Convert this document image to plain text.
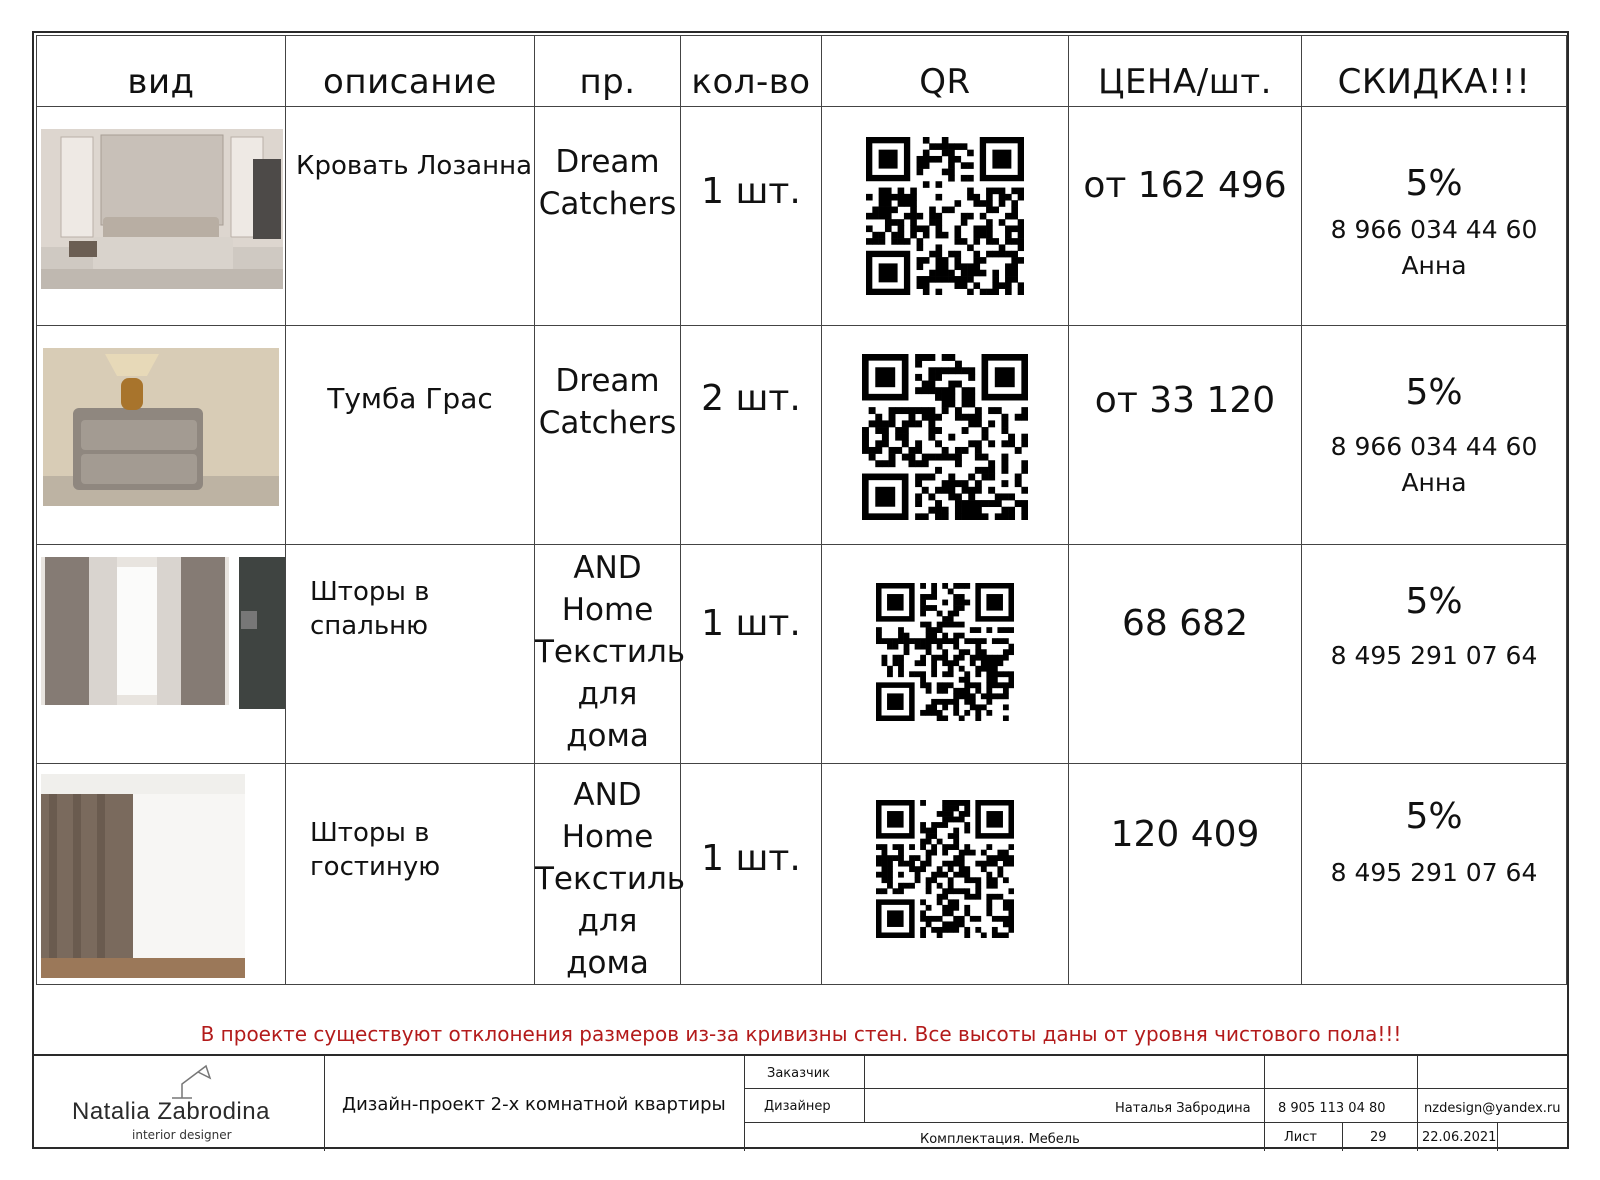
вид	описание	пр.	кол-во	QR	ЦЕНА/шт.	СКИДКА!!!

	Кровать Лозанна	Dream Catchers	1 шт.		от 162 496	5%
8 966 034 44 60
Анна

	Тумба Грас	Dream Catchers	2 шт.		от 33 120	5%
8 966 034 44 60
Анна

	Шторы в спальню	AND Home Текстиль для дома	1 шт.		68 682	5%
8 495 291 07 64

	Шторы в гостиную	AND Home Текстиль для дома	1 шт.		120 409	5%
8 495 291 07 64
В проекте существуют отклонения размеров из-за кривизны стен. Все высоты даны от уровня чистового пола!!!
Natalia Zabrodina
interior designer
Дизайн-проект 2-х комнатной квартиры
Заказчик
Дизайнер	Наталья Забродина 8 905 113 04 80	nzdesign@yandex.ru
Комплектация. Мебель	Лист	29	22.06.2021
